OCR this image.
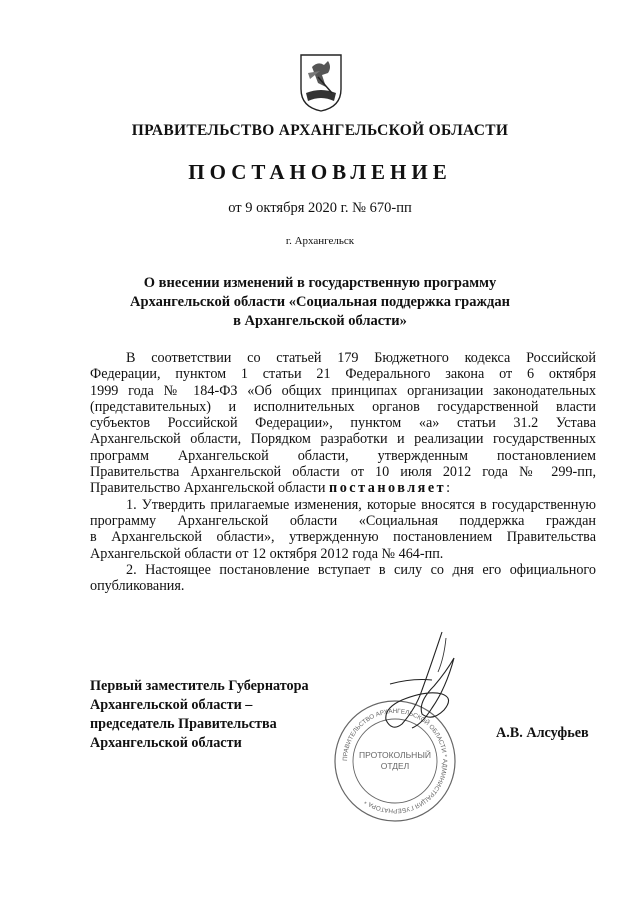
ПРАВИТЕЛЬСТВО АРХАНГЕЛЬСКОЙ ОБЛАСТИ
ПОСТАНОВЛЕНИЕ
от 9 октября 2020 г. № 670-пп
г. Архангельск
О внесении изменений в государственную программу
Архангельской области «Социальная поддержка граждан
в Архангельской области»
В соответствии со статьей 179 Бюджетного кодекса Российской
Федерации, пунктом 1 статьи 21 Федерального закона от 6 октября
1999 года № 184-ФЗ «Об общих принципах организации законодательных
(представительных) и исполнительных органов государственной власти
субъектов Российской Федерации», пунктом «а» статьи 31.2 Устава
Архангельской области, Порядком разработки и реализации государственных
программ Архангельской области, утвержденным постановлением
Правительства Архангельской области от 10 июля 2012 года № 299-пп,
Правительство Архангельской области постановляет:
1. Утвердить прилагаемые изменения, которые вносятся в государственную
программу Архангельской области «Социальная поддержка граждан
в Архангельской области», утвержденную постановлением Правительства
Архангельской области от 12 октября 2012 года № 464-пп.
2. Настоящее постановление вступает в силу со дня его официального
опубликования.
ПРАВИТЕЛЬСТВО АРХАНГЕЛЬСКОЙ ОБЛАСТИ * АДМИНИСТРАЦИЯ ГУБЕРНАТОРА *
ПРОТОКОЛЬНЫЙ ОТДЕЛ
Первый заместитель Губернатора
Архангельской области –
председатель Правительства
Архангельской области
А.В. Алсуфьев
